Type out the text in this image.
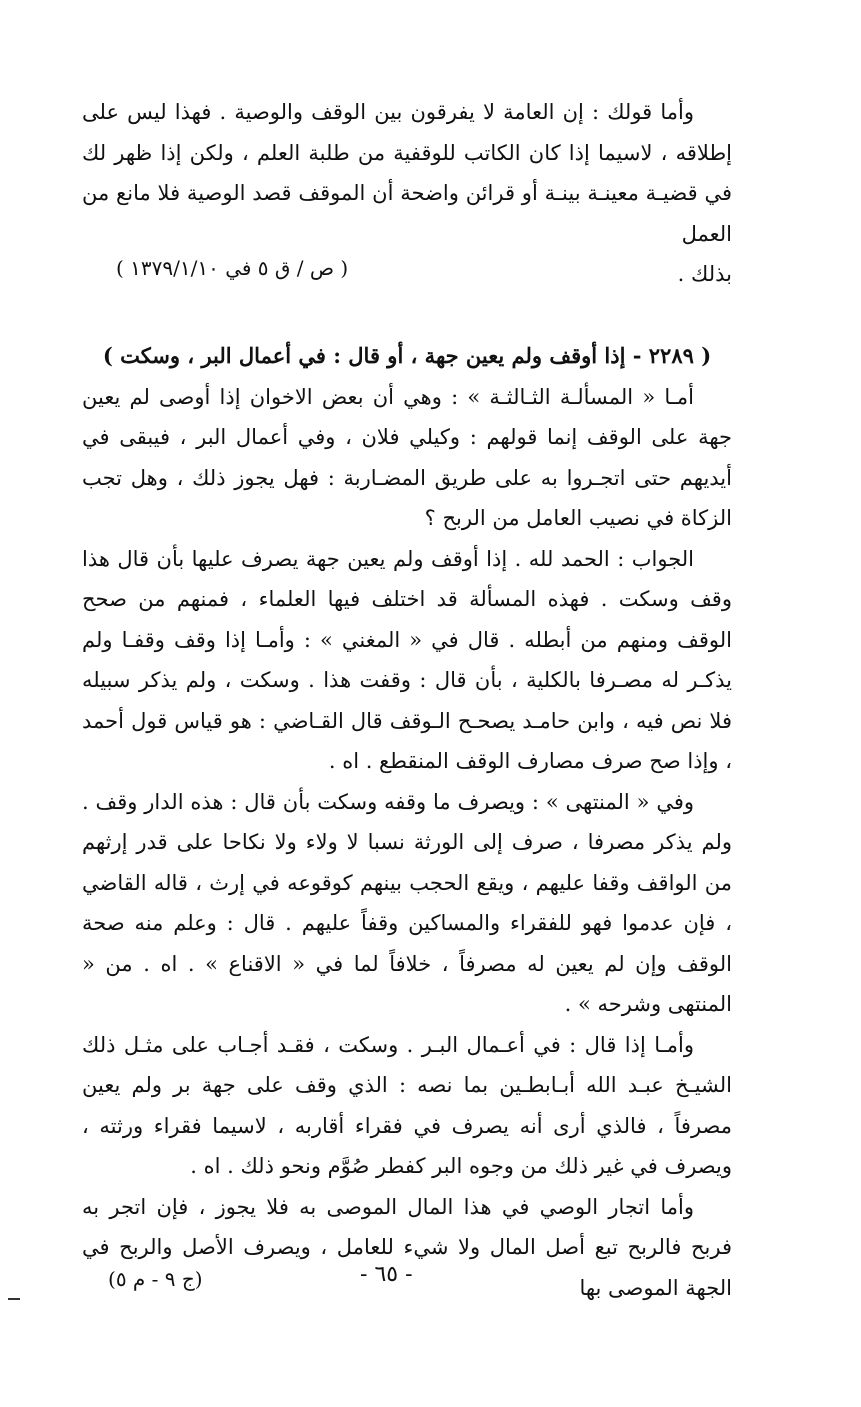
وأما قولك : إن العامة لا يفرقون بين الوقف والوصية . فهذا ليس على إطلاقه ، لاسيما إذا كان الكاتب للوقفية من طلبة العلم ، ولكن إذا ظهر لك في قضيـة معينـة بينـة أو قرائن واضحة أن الموقف قصد الوصية فلا مانع من العمل

بذلك .
( ص / ق ٥ في ١٣٧٩/١/١٠ )

( ٢٢٨٩ - إذا أوقف ولم يعين جهة ، أو قال : في أعمال البر ، وسكت )

أمـا « المسألـة الثـالثـة » : وهي أن بعض الاخوان إذا أوصى لم يعين جهة على الوقف إنما قولهم : وكيلي فلان ، وفي أعمال البر ، فيبقى في أيديهم حتى اتجـروا به على طريق المضـاربة : فهل يجوز ذلك ، وهل تجب الزكاة في نصيب العامل من الربح ؟

الجواب : الحمد لله . إذا أوقف ولم يعين جهة يصرف عليها بأن قال هذا وقف وسكت . فهذه المسألة قد اختلف فيها العلماء ، فمنهم من صحح الوقف ومنهم من أبطله . قال في « المغني » : وأمـا إذا وقف وقفـا ولم يذكـر له مصـرفا بالكلية ، بأن قال : وقفت هذا . وسكت ، ولم يذكر سبيله فلا نص فيه ، وابن حامـد يصحـح الـوقف قال القـاضي : هو قياس قول أحمد ، وإذا صح صرف مصارف الوقف المنقطع . اه .

وفي « المنتهى » : ويصرف ما وقفه وسكت بأن قال : هذه الدار وقف . ولم يذكر مصرفا ، صرف إلى الورثة نسبا لا ولاء ولا نكاحا على قدر إرثهم من الواقف وقفا عليهم ، ويقع الحجب بينهم كوقوعه في إرث ، قاله القاضي ، فإن عدموا فهو للفقراء والمساكين وقفاً عليهم . قال : وعلم منه صحة الوقف وإن لم يعين له مصرفاً ، خلافاً لما في « الاقناع » . اه . من « المنتهى وشرحه » .

وأمـا إذا قال : في أعـمال البـر . وسكت ، فقـد أجـاب على مثـل ذلك الشيـخ عبـد الله أبـابطـين بما نصه : الذي وقف على جهة بر ولم يعين مصرفاً ، فالذي أرى أنه يصرف في فقراء أقاربه ، لاسيما فقراء ورثته ، ويصرف في غير ذلك من وجوه البر كفطر صُوَّم ونحو ذلك . اه .

وأما اتجار الوصي في هذا المال الموصى به فلا يجوز ، فإن اتجر به فربح فالربح تبع أصل المال ولا شيء للعامل ، ويصرف الأصل والربح في الجهة الموصى بها

- ٦٥ -
(ج ٩ - م ٥)
